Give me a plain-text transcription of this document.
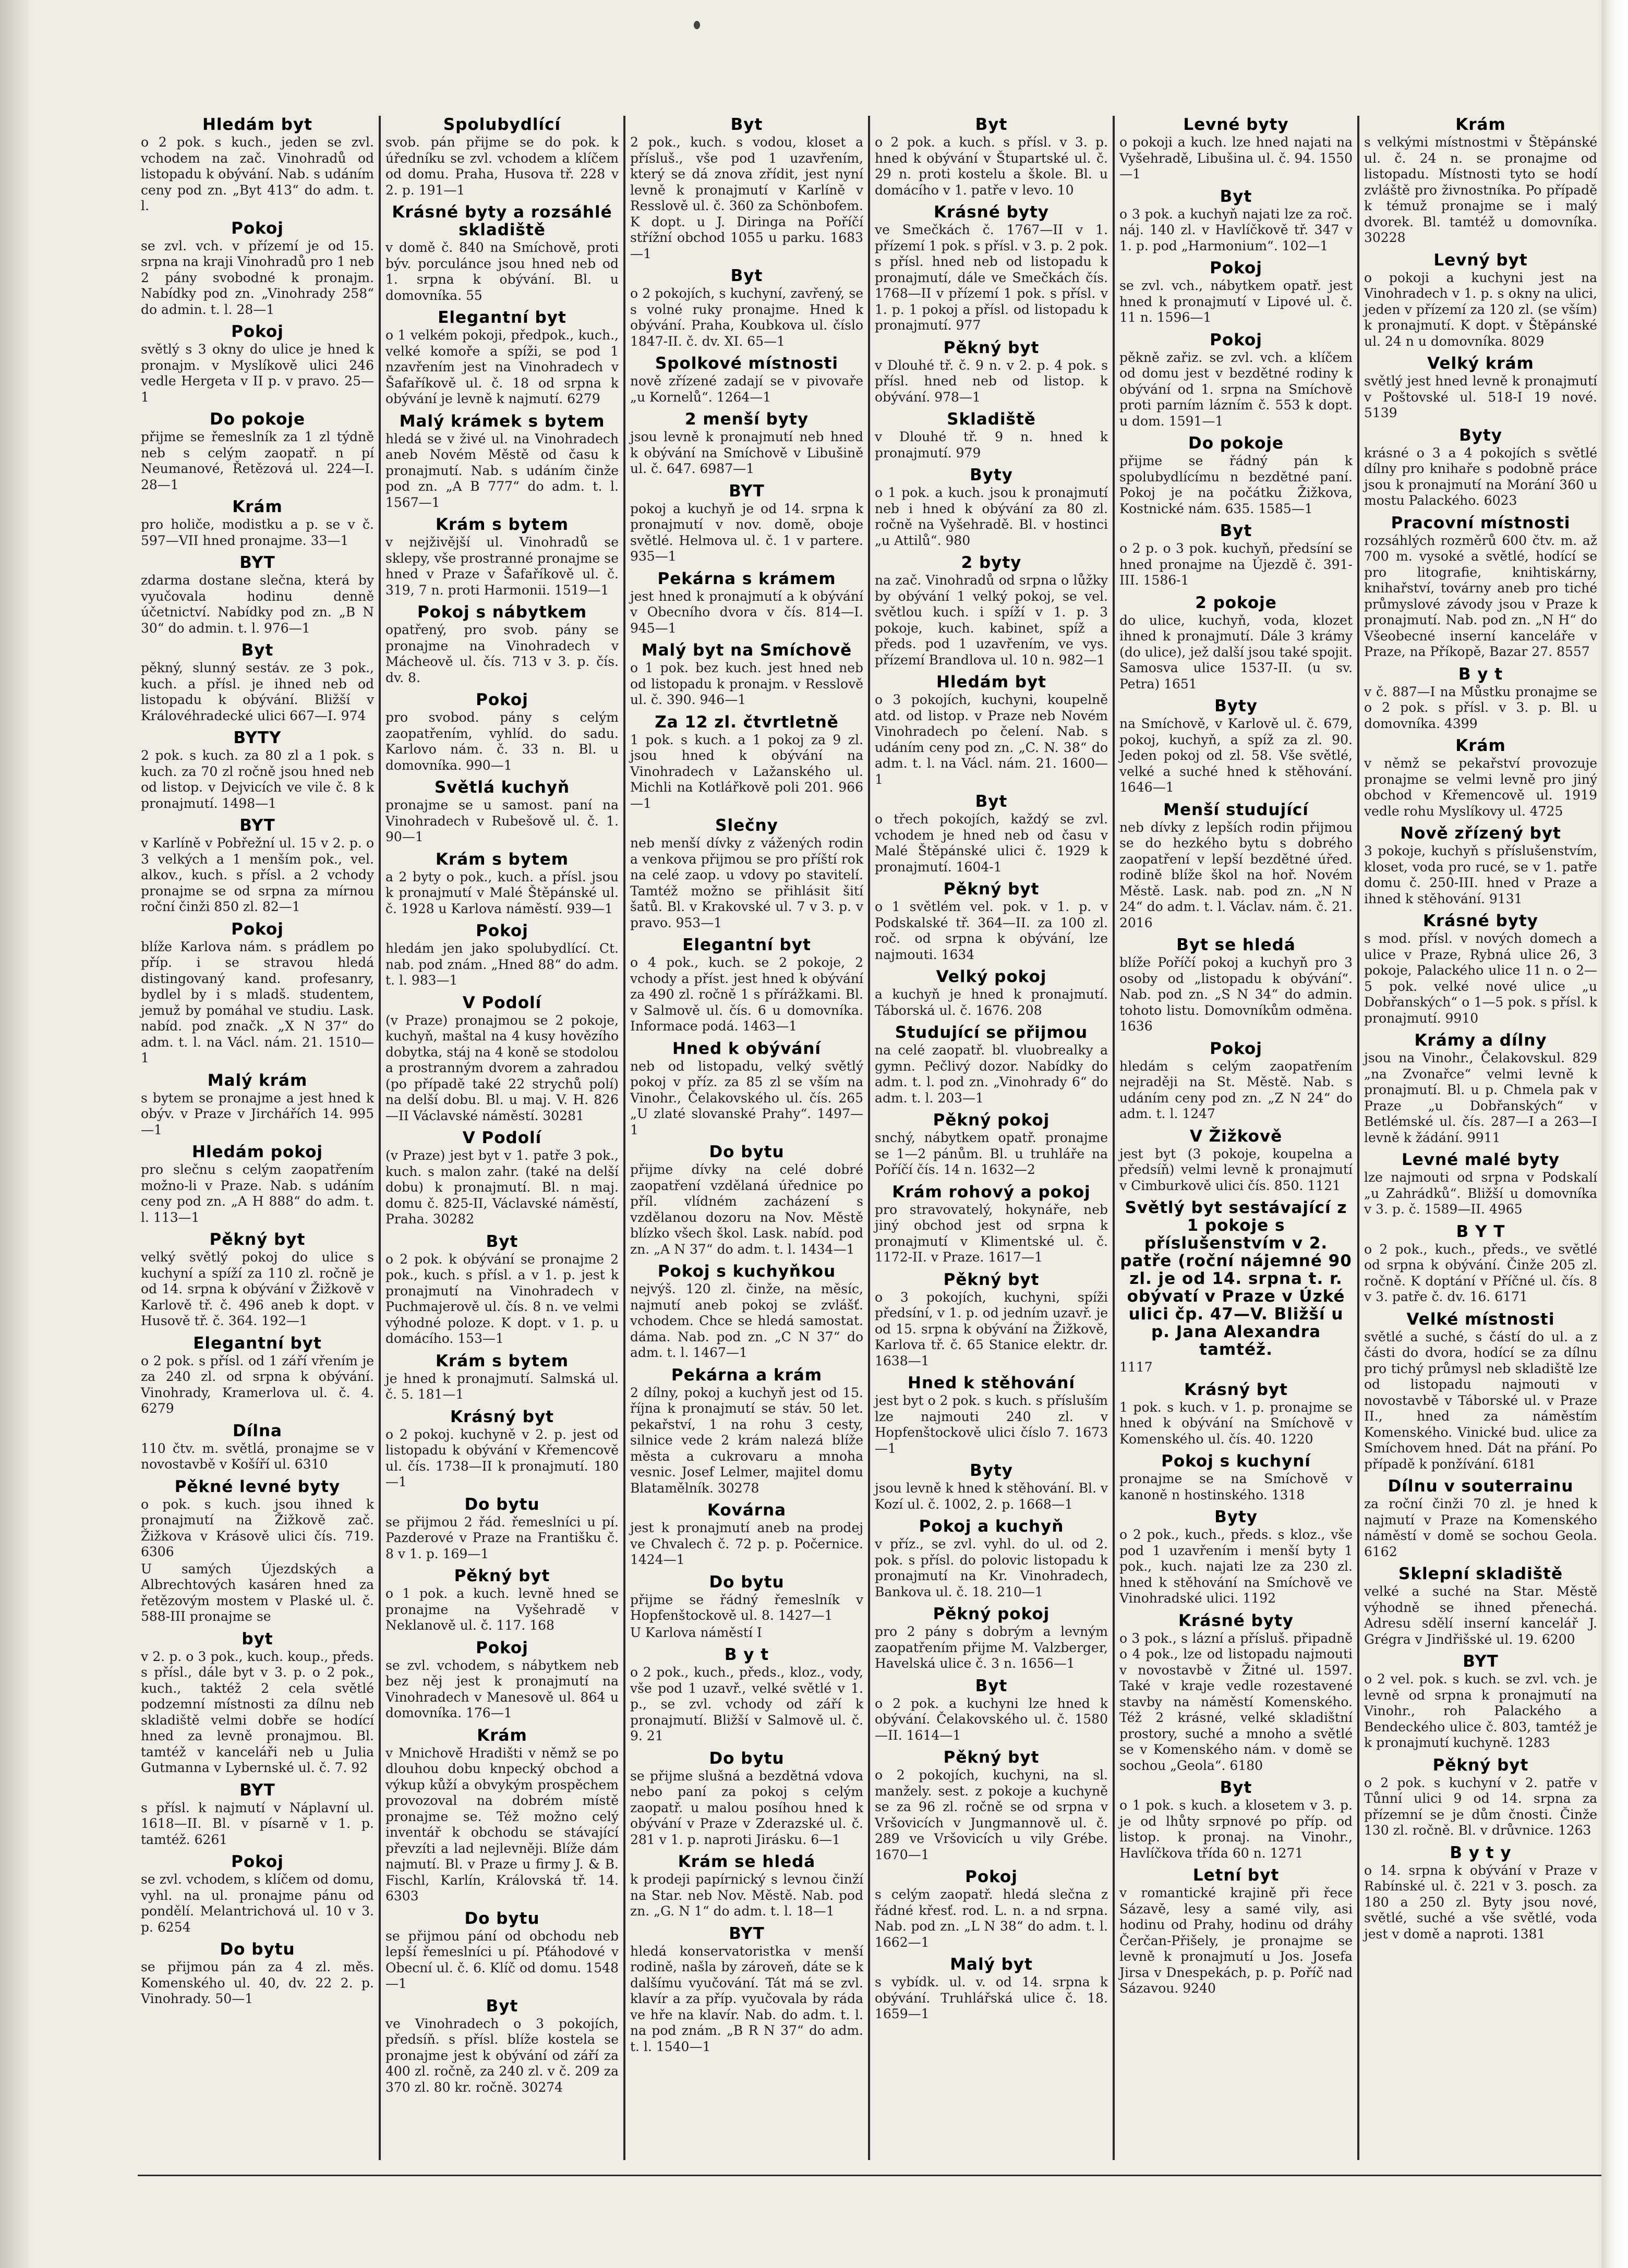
Hledám byt

o 2 pok. s kuch., jeden se zvl. vchodem na zač. Vinohradů od listopadu k obývání. Nab. s udáním ceny pod zn. „Byt 413“ do adm. t. l.

Pokoj

se zvl. vch. v přízemí je od 15. srpna na kraji Vinohradů pro 1 neb 2 pány svobodné k pronajm. Nabídky pod zn. „Vinohrady 258“ do admin. t. l. 28—1

Pokoj

světlý s 3 okny do ulice je hned k pronajm. v Myslíkově ulici 246 vedle Hergeta v II p. v pravo. 25—1

Do pokoje

přijme se řemeslník za 1 zl týdně neb s celým zaopatř. n pí Neumanové, Řetězová ul. 224—I. 28—1

Krám

pro holiče, modistku a p. se v č. 597—VII hned pronajme. 33—1

BYT

zdarma dostane slečna, která by vyučovala hodinu denně účetnictví. Nabídky pod zn. „B N 30“ do admin. t. l. 976—1

Byt

pěkný, slunný sestáv. ze 3 pok., kuch. a přísl. je ihned neb od listopadu k obývání. Bližší v Královéhradecké ulici 667—I. 974

BYTY

2 pok. s kuch. za 80 zl a 1 pok. s kuch. za 70 zl ročně jsou hned neb od listop. v Dejvicích ve vile č. 8 k pronajmutí. 1498—1

BYT

v Karlíně v Pobřežní ul. 15 v 2. p. o 3 velkých a 1 menším pok., vel. alkov., kuch. s přísl. a 2 vchody pronajme se od srpna za mírnou roční činži 850 zl. 82—1

Pokoj

blíže Karlova nám. s prádlem po příp. i se stravou hledá distingovaný kand. profesanry, bydlel by i s mladš. studentem, jemuž by pomáhal ve studiu. Lask. nabíd. pod značk. „X N 37“ do adm. t. l. na Václ. nám. 21. 1510—1

Malý krám

s bytem se pronajme a jest hned k obýv. v Praze v Jirchářích 14. 995—1

Hledám pokoj

pro slečnu s celým zaopatřením možno-li v Praze. Nab. s udáním ceny pod zn. „A H 888“ do adm. t. l. 113—1

Pěkný byt

velký světlý pokoj do ulice s kuchyní a spíží za 110 zl. ročně je od 14. srpna k obývání v Žižkově v Karlově tř. č. 496 aneb k dopt. v Husově tř. č. 364. 192—1

Elegantní byt

o 2 pok. s přísl. od 1 září vřením je za 240 zl. od srpna k obývání. Vinohrady, Kramerlova ul. č. 4. 6279

Dílna

110 čtv. m. světlá, pronajme se v novostavbě v Košíří ul. 6310

Pěkné levné byty

o pok. s kuch. jsou ihned k pronajmutí na Žižkově zač. Žižkova v Krásově ulici čís. 719. 6306

U samých Újezdských a Albrechtových kasáren hned za řetězovým mostem v Plaské ul. č. 588-III pronajme se

byt

v 2. p. o 3 pok., kuch. koup., předs. s přísl., dále byt v 3. p. o 2 pok., kuch., taktéž 2 cela světlé podzemní místnosti za dílnu neb skladiště velmi dobře se hodící hned za levně pronajmou. Bl. tamtéž v kanceláři neb u Julia Gutmanna v Lybernské ul. č. 7. 92

BYT

s přísl. k najmutí v Náplavní ul. 1618—II. Bl. v písarně v 1. p. tamtéž. 6261

Pokoj

se zvl. vchodem, s klíčem od domu, vyhl. na ul. pronajme pánu od pondělí. Melantrichová ul. 10 v 3. p. 6254

Do bytu

se přijmou pán za 4 zl. měs. Komenského ul. 40, dv. 22 2. p. Vinohrady. 50—1

Spolubydlící

svob. pán přijme se do pok. k úředníku se zvl. vchodem a klíčem od domu. Praha, Husova tř. 228 v 2. p. 191—1

Krásné byty a rozsáhlé skladiště

v domě č. 840 na Smíchově, proti býv. porculánce jsou hned neb od 1. srpna k obývání. Bl. u domovníka. 55

Elegantní byt

o 1 velkém pokoji, předpok., kuch., velké komoře a spíži, se pod 1 nzavřením jest na Vinohradech v Šafaříkově ul. č. 18 od srpna k obývání je levně k najmutí. 6279

Malý krámek s bytem

hledá se v živé ul. na Vinohradech aneb Novém Městě od času k pronajmutí. Nab. s udáním činže pod zn. „A B 777“ do adm. t. l. 1567—1

Krám s bytem

v nejživější ul. Vinohradů se sklepy, vše prostranné pronajme se hned v Praze v Šafaříkově ul. č. 319, 7 n. proti Harmonii. 1519—1

Pokoj s nábytkem

opatřený, pro svob. pány se pronajme na Vinohradech v Mácheově ul. čís. 713 v 3. p. čís. dv. 8.

Pokoj

pro svobod. pány s celým zaopatřením, vyhlíd. do sadu. Karlovo nám. č. 33 n. Bl. u domovníka. 990—1

Světlá kuchyň

pronajme se u samost. paní na Vinohradech v Rubešově ul. č. 1. 90—1

Krám s bytem

a 2 byty o pok., kuch. a přísl. jsou k pronajmutí v Malé Štěpánské ul. č. 1928 u Karlova náměstí. 939—1

Pokoj

hledám jen jako spolubydlící. Ct. nab. pod znám. „Hned 88“ do adm. t. l. 983—1

V Podolí

(v Praze) pronajmou se 2 pokoje, kuchyň, maštal na 4 kusy hovězího dobytka, stáj na 4 koně se stodolou a prostranným dvorem a zahradou (po případě také 22 strychů polí) na delší dobu. Bl. u maj. V. H. 826—II Václavské náměstí. 30281

V Podolí

(v Praze) jest byt v 1. patře 3 pok., kuch. s malon zahr. (také na delší dobu) k pronajmutí. Bl. n maj. domu č. 825-II, Václavské náměstí, Praha. 30282

Byt

o 2 pok. k obývání se pronajme 2 pok., kuch. s přísl. a v 1. p. jest k pronajmutí na Vinohradech v Puchmajerově ul. čís. 8 n. ve velmi výhodné poloze. K dopt. v 1. p. u domácího. 153—1

Krám s bytem

je hned k pronajmutí. Salmská ul. č. 5. 181—1

Krásný byt

o 2 pokoj. kuchyně v 2. p. jest od listopadu k obývání v Křemencově ul. čís. 1738—II k pronajmutí. 180—1

Do bytu

se přijmou 2 řád. řemeslníci u pí. Pazderové v Praze na Františku č. 8 v 1. p. 169—1

Pěkný byt

o 1 pok. a kuch. levně hned se pronajme na Vyšehradě v Neklanově ul. č. 117. 168

Pokoj

se zvl. vchodem, s nábytkem neb bez něj jest k pronajmutí na Vinohradech v Manesově ul. 864 u domovníka. 176—1

Krám

v Mnichově Hradišti v němž se po dlouhou dobu knpecký obchod a výkup kůží a obvykým prospěchem provozoval na dobrém místě pronajme se. Též možno celý inventář k obchodu se stávající převzíti a lad nejlevněji. Blíže dám najmutí. Bl. v Praze u firmy J. & B. Fischl, Karlín, Královská tř. 14. 6303

Do bytu

se přijmou pání od obchodu neb lepší řemeslníci u pí. Pťáhodové v Obecní ul. č. 6. Klíč od domu. 1548—1

Byt

ve Vinohradech o 3 pokojích, předsíň. s přísl. blíže kostela se pronajme jest k obývání od září za 400 zl. ročně, za 240 zl. v č. 209 za 370 zl. 80 kr. ročně. 30274

Byt

2 pok., kuch. s vodou, kloset a přísluš., vše pod 1 uzavřením, který se dá znova zřídit, jest nyní levně k pronajmutí v Karlíně v Resslově ul. č. 360 za Schönbofem. K dopt. u J. Diringa na Poříčí střížní obchod 1055 u parku. 1683—1

Byt

o 2 pokojích, s kuchyní, zavřený, se s volné ruky pronajme. Hned k obývání. Praha, Koubkova ul. číslo 1847-II. č. dv. XI. 65—1

Spolkové místnosti

nově zřízené zadají se v pivovaře „u Kornelů“. 1264—1

2 menší byty

jsou levně k pronajmutí neb hned k obývání na Smíchově v Libušině ul. č. 647. 6987—1

BYT

pokoj a kuchyň je od 14. srpna k pronajmutí v nov. domě, oboje světlé. Helmova ul. č. 1 v partere. 935—1

Pekárna s krámem

jest hned k pronajmutí a k obývání v Obecního dvora v čís. 814—I. 945—1

Malý byt na Smíchově

o 1 pok. bez kuch. jest hned neb od listopadu k pronajm. v Resslově ul. č. 390. 946—1

Za 12 zl. čtvrtletně

1 pok. s kuch. a 1 pokoj za 9 zl. jsou hned k obývání na Vinohradech v Lažanského ul. Michli na Kotlářkově poli 201. 966—1

Slečny

neb menší dívky z vážených rodin a venkova přijmou se pro příští rok na celé zaop. u vdovy po stavitelí. Tamtéž možno se přihlásit šití šatů. Bl. v Krakovské ul. 7 v 3. p. v pravo. 953—1

Elegantní byt

o 4 pok., kuch. se 2 pokoje, 2 vchody a příst. jest hned k obývání za 490 zl. ročně 1 s přírážkami. Bl. v Salmově ul. čís. 6 u domovníka. Informace podá. 1463—1

Hned k obývání

neb od listopadu, velký světlý pokoj v příz. za 85 zl se vším na Vinohr., Čelakovského ul. čís. 265 „U zlaté slovanské Prahy“. 1497—1

Do bytu

přijme dívky na celé dobré zaopatření vzdělaná úřednice po příl. vlídném zacházení s vzdělanou dozoru na Nov. Městě blízko všech škol. Lask. nabíd. pod zn. „A N 37“ do adm. t. l. 1434—1

Pokoj s kuchyňkou

nejvýš. 120 zl. činže, na měsíc, najmutí aneb pokoj se zvlášť. vchodem. Chce se hledá samostat. dáma. Nab. pod zn. „C N 37“ do adm. t. l. 1467—1

Pekárna a krám

2 dílny, pokoj a kuchyň jest od 15. října k pronajmutí se stáv. 50 let. pekařství, 1 na rohu 3 cesty, silnice vede 2 krám nalezá blíže města a cukrovaru a mnoha vesnic. Josef Lelmer, majitel domu Blatamělník. 30278

Kovárna

jest k pronajmutí aneb na prodej ve Chvalech č. 72 p. p. Počernice. 1424—1

Do bytu

přijme se řádný řemeslník v Hopfenštockově ul. 8. 1427—1

U Karlova náměstí I

B y t

o 2 pok., kuch., předs., kloz., vody, vše pod 1 uzavř., velké světlé v 1. p., se zvl. vchody od září k pronajmutí. Bližší v Salmově ul. č. 9. 21

Do bytu

se přijme slušná a bezdětná vdova nebo paní za pokoj s celým zaopatř. u malou posíhou hned k obývání v Praze v Zderazské ul. č. 281 v 1. p. naproti Jirásku. 6—1

Krám se hledá

k prodeji papírnický s levnou činží na Star. neb Nov. Městě. Nab. pod zn. „G. N 1“ do adm. t. l. 18—1

BYT

hledá konservatoristka v menší rodině, našla by zároveň, dáte se k dalšímu vyučování. Tát má se zvl. klavír a za příp. vyučovala by ráda ve hře na klavír. Nab. do adm. t. l. na pod znám. „B R N 37“ do adm. t. l. 1540—1

Byt

o 2 pok. a kuch. s přísl. v 3. p. hned k obývání v Štupartské ul. č. 29 n. proti kostelu a škole. Bl. u domácího v 1. patře v levo. 10

Krásné byty

ve Smečkách č. 1767—II v 1. přízemí 1 pok. s přísl. v 3. p. 2 pok. s přísl. hned neb od listopadu k pronajmutí, dále ve Smečkách čís. 1768—II v přízemí 1 pok. s přísl. v 1. p. 1 pokoj a přísl. od listopadu k pronajmutí. 977

Pěkný byt

v Dlouhé tř. č. 9 n. v 2. p. 4 pok. s přísl. hned neb od listop. k obývání. 978—1

Skladiště

v Dlouhé tř. 9 n. hned k pronajmutí. 979

Byty

o 1 pok. a kuch. jsou k pronajmutí neb i hned k obývání za 80 zl. ročně na Vyšehradě. Bl. v hostinci „u Attilů“. 980

2 byty

na zač. Vinohradů od srpna o lůžky by obývání 1 velký pokoj, se vel. světlou kuch. i spíží v 1. p. 3 pokoje, kuch. kabinet, spíž a předs. pod 1 uzavřením, ve vys. přízemí Brandlova ul. 10 n. 982—1

Hledám byt

o 3 pokojích, kuchyni, koupelně atd. od listop. v Praze neb Novém Vinohradech po čelení. Nab. s udáním ceny pod zn. „C. N. 38“ do adm. t. l. na Václ. nám. 21. 1600—1

Byt

o třech pokojích, každý se zvl. vchodem je hned neb od času v Malé Štěpánské ulici č. 1929 k pronajmutí. 1604-1

Pěkný byt

o 1 světlém vel. pok. v 1. p. v Podskalské tř. 364—II. za 100 zl. roč. od srpna k obývání, lze najmouti. 1634

Velký pokoj

a kuchyň je hned k pronajmutí. Táborská ul. č. 1676. 208

Studující se přijmou

na celé zaopatř. bl. vluobrealky a gymn. Pečlivý dozor. Nabídky do adm. t. l. pod zn. „Vinohrady 6“ do adm. t. l. 203—1

Pěkný pokoj

snchý, nábytkem opatř. pronajme se 1—2 pánům. Bl. u truhláře na Poříčí čís. 14 n. 1632—2

Krám rohový a pokoj

pro stravovatelý, hokynáře, neb jiný obchod jest od srpna k pronajmutí v Klimentské ul. č. 1172-II. v Praze. 1617—1

Pěkný byt

o 3 pokojích, kuchyni, spíži předsíní, v 1. p. od jedním uzavř. je od 15. srpna k obývání na Žižkově, Karlova tř. č. 65 Stanice elektr. dr. 1638—1

Hned k stěhování

jest byt o 2 pok. s kuch. s přísluším lze najmouti 240 zl. v Hopfenštockově ulici číslo 7. 1673—1

Byty

jsou levně k hned k stěhování. Bl. v Kozí ul. č. 1002, 2. p. 1668—1

Pokoj a kuchyň

v příz., se zvl. vyhl. do ul. od 2. pok. s přísl. do polovic listopadu k pronajmutí na Kr. Vinohradech, Bankova ul. č. 18. 210—1

Pěkný pokoj

pro 2 pány s dobrým a levným zaopatřením přijme M. Valzberger, Havelská ulice č. 3 n. 1656—1

Byt

o 2 pok. a kuchyni lze hned k obývání. Čelakovského ul. č. 1580—II. 1614—1

Pěkný byt

o 2 pokojích, kuchyni, na sl. manžely. sest. z pokoje a kuchyně se za 96 zl. ročně se od srpna v Vršovicích v Jungmannově ul. č. 289 ve Vršovicích u vily Grébe. 1670—1

Pokoj

s celým zaopatř. hledá slečna z řádné křesť. rod. L. n. a nd srpna. Nab. pod zn. „L N 38“ do adm. t. l. 1662—1

Malý byt

s vybídk. ul. v. od 14. srpna k obývání. Truhlářská ulice č. 18. 1659—1

Levné byty

o pokoji a kuch. lze hned najati na Vyšehradě, Libušina ul. č. 94. 1550—1

Byt

o 3 pok. a kuchyň najati lze za roč. náj. 140 zl. v Havlíčkově tř. 347 v 1. p. pod „Harmonium“. 102—1

Pokoj

se zvl. vch., nábytkem opatř. jest hned k pronajmutí v Lipové ul. č. 11 n. 1596—1

Pokoj

pěkně zařiz. se zvl. vch. a klíčem od domu jest v bezdětné rodiny k obývání od 1. srpna na Smíchově proti parním lázním č. 553 k dopt. u dom. 1591—1

Do pokoje

přijme se řádný pán k spolubydlícímu n bezdětné paní. Pokoj je na počátku Žižkova, Kostnické nám. 635. 1585—1

Byt

o 2 p. o 3 pok. kuchyň, předsíní se hned pronajme na Újezdě č. 391-III. 1586-1

2 pokoje

do ulice, kuchyň, voda, klozet ihned k pronajmutí. Dále 3 krámy (do ulice), jež další jsou také spojit. Samosva ulice 1537-II. (u sv. Petra) 1651

Byty

na Smíchově, v Karlově ul. č. 679, pokoj, kuchyň, a spíž za zl. 90. Jeden pokoj od zl. 58. Vše světlé, velké a suché hned k stěhování. 1646—1

Menší studující

neb dívky z lepších rodin přijmou se do hezkého bytu s dobrého zaopatření v lepší bezdětné úřed. rodině blíže škol na hoř. Novém Městě. Lask. nab. pod zn. „N N 24“ do adm. t. l. Václav. nám. č. 21. 2016

Byt se hledá

blíže Poříčí pokoj a kuchyň pro 3 osoby od „listopadu k obývání“. Nab. pod zn. „S N 34“ do admin. tohoto listu. Domovníkům odměna. 1636

Pokoj

hledám s celým zaopatřením nejraději na St. Městě. Nab. s udáním ceny pod zn. „Z N 24“ do adm. t. l. 1247

V Žižkově

jest byt (3 pokoje, koupelna a předsíň) velmi levně k pronajmutí v Cimburkově ulici čís. 850. 1121

Světlý byt sestávající z 1 pokoje s příslušenstvím v 2. patře (roční nájemné 90 zl. je od 14. srpna t. r. obývatí v Praze v Úzké ulici čp. 47—V. Bližší u p. Jana Alexandra tamtéž.

1117

Krásný byt

1 pok. s kuch. v 1. p. pronajme se hned k obývání na Smíchově v Komenského ul. čís. 40. 1220

Pokoj s kuchyní

pronajme se na Smíchově v kanoně n hostinského. 1318

Byty

o 2 pok., kuch., předs. s kloz., vše pod 1 uzavřením i menší byty 1 pok., kuch. najati lze za 230 zl. hned k stěhování na Smíchově ve Vinohradské ulici. 1192

Krásné byty

o 3 pok., s lázní a přísluš. připadně o 4 pok., lze od listopadu najmouti v novostavbě v Žitné ul. 1597. Také v kraje vedle rozestavené stavby na náměstí Komenského. Též 2 krásné, velké skladištní prostory, suché a mnoho a světlé se v Komenského nám. v domě se sochou „Geola“. 6180

Byt

o 1 pok. s kuch. a klosetem v 3. p. je od lhůty srpnové po příp. od listop. k pronaj. na Vinohr., Havlíčkova třída 60 n. 1271

Letní byt

v romantické krajině při řece Sázavě, lesy a samé vily, asi hodinu od Prahy, hodinu od dráhy Čerčan-Přišely, je pronajme se levně k pronajmutí u Jos. Josefa Jirsa v Dnespekách, p. p. Poříč nad Sázavou. 9240

Krám

s velkými místnostmi v Štěpánské ul. č. 24 n. se pronajme od listopadu. Místnosti tyto se hodí zvláště pro živnostníka. Po případě k témuž pronajme se i malý dvorek. Bl. tamtéž u domovníka. 30228

Levný byt

o pokoji a kuchyni jest na Vinohradech v 1. p. s okny na ulici, jeden v přízemí za 120 zl. (se vším) k pronajmutí. K dopt. v Štěpánské ul. 24 n u domovníka. 8029

Velký krám

světlý jest hned levně k pronajmutí v Poštovské ul. 518-I 19 nové. 5139

Byty

krásné o 3 a 4 pokojích s světlé dílny pro knihaře s podobně práce jsou k pronajmutí na Morání 360 u mostu Palackého. 6023

Pracovní místnosti

rozsáhlých rozměrů 600 čtv. m. až 700 m. vysoké a světlé, hodící se pro litografie, knihtiskárny, knihařství, továrny aneb pro tiché průmyslové závody jsou v Praze k pronajmutí. Nab. pod zn. „N H“ do Všeobecné inserní kanceláře v Praze, na Příkopě, Bazar 27. 8557

B y t

v č. 887—I na Můstku pronajme se o 2 pok. s přísl. v 3. p. Bl. u domovníka. 4399

Krám

v němž se pekařství provozuje pronajme se velmi levně pro jiný obchod v Křemencově ul. 1919 vedle rohu Myslíkovy ul. 4725

Nově zřízený byt

3 pokoje, kuchyň s příslušenstvím, kloset, voda pro rucé, se v 1. patře domu č. 250-III. hned v Praze a ihned k stěhování. 9131

Krásné byty

s mod. přísl. v nových domech a ulice v Praze, Rybná ulice 26, 3 pokoje, Palackého ulice 11 n. o 2—5 pok. velké nové ulice „u Dobřanských“ o 1—5 pok. s přísl. k pronajmutí. 9910

Krámy a dílny

jsou na Vinohr., Čelakovskul. 829 „na Zvonařce“ velmi levně k pronajmutí. Bl. u p. Chmela pak v Praze „u Dobřanských“ v Betlémské ul. čís. 287—I a 263—I levně k žádání. 9911

Levné malé byty

lze najmouti od srpna v Podskalí „u Zahrádků“. Bližší u domovníka v 3. p. č. 1589—II. 4965

B Y T

o 2 pok., kuch., předs., ve světlé od srpna k obývání. Činže 205 zl. ročně. K doptání v Příčné ul. čís. 8 v 3. patře č. dv. 16. 6171

Velké místnosti

světlé a suché, s částí do ul. a z části do dvora, hodící se za dílnu pro tichý průmysl neb skladiště lze od listopadu najmouti v novostavbě v Táborské ul. v Praze II., hned za náměstím Komenského. Vinické bud. ulice za Smíchovem hned. Dát na přání. Po případě k ponžívání. 6181

Dílnu v souterrainu

za roční činži 70 zl. je hned k najmutí v Praze na Komenského náměstí v domě se sochou Geola. 6162

Sklepní skladiště

velké a suché na Star. Městě výhodně se ihned přenechá. Adresu sdělí inserní kancelář J. Grégra v Jindřišské ul. 19. 6200

BYT

o 2 vel. pok. s kuch. se zvl. vch. je levně od srpna k pronajmutí na Vinohr., roh Palackého a Bendeckého ulice č. 803, tamtéž je k pronajmutí kuchyně. 1283

Pěkný byt

o 2 pok. s kuchyní v 2. patře v Tůnní ulici 9 od 14. srpna za přízemní se je dům čnosti. Činže 130 zl. ročně. Bl. v drůvnice. 1263

B y t y

o 14. srpna k obývání v Praze v Rabínské ul. č. 221 v 3. posch. za 180 a 250 zl. Byty jsou nové, světlé, suché a vše světlé, voda jest v domě a naproti. 1381
